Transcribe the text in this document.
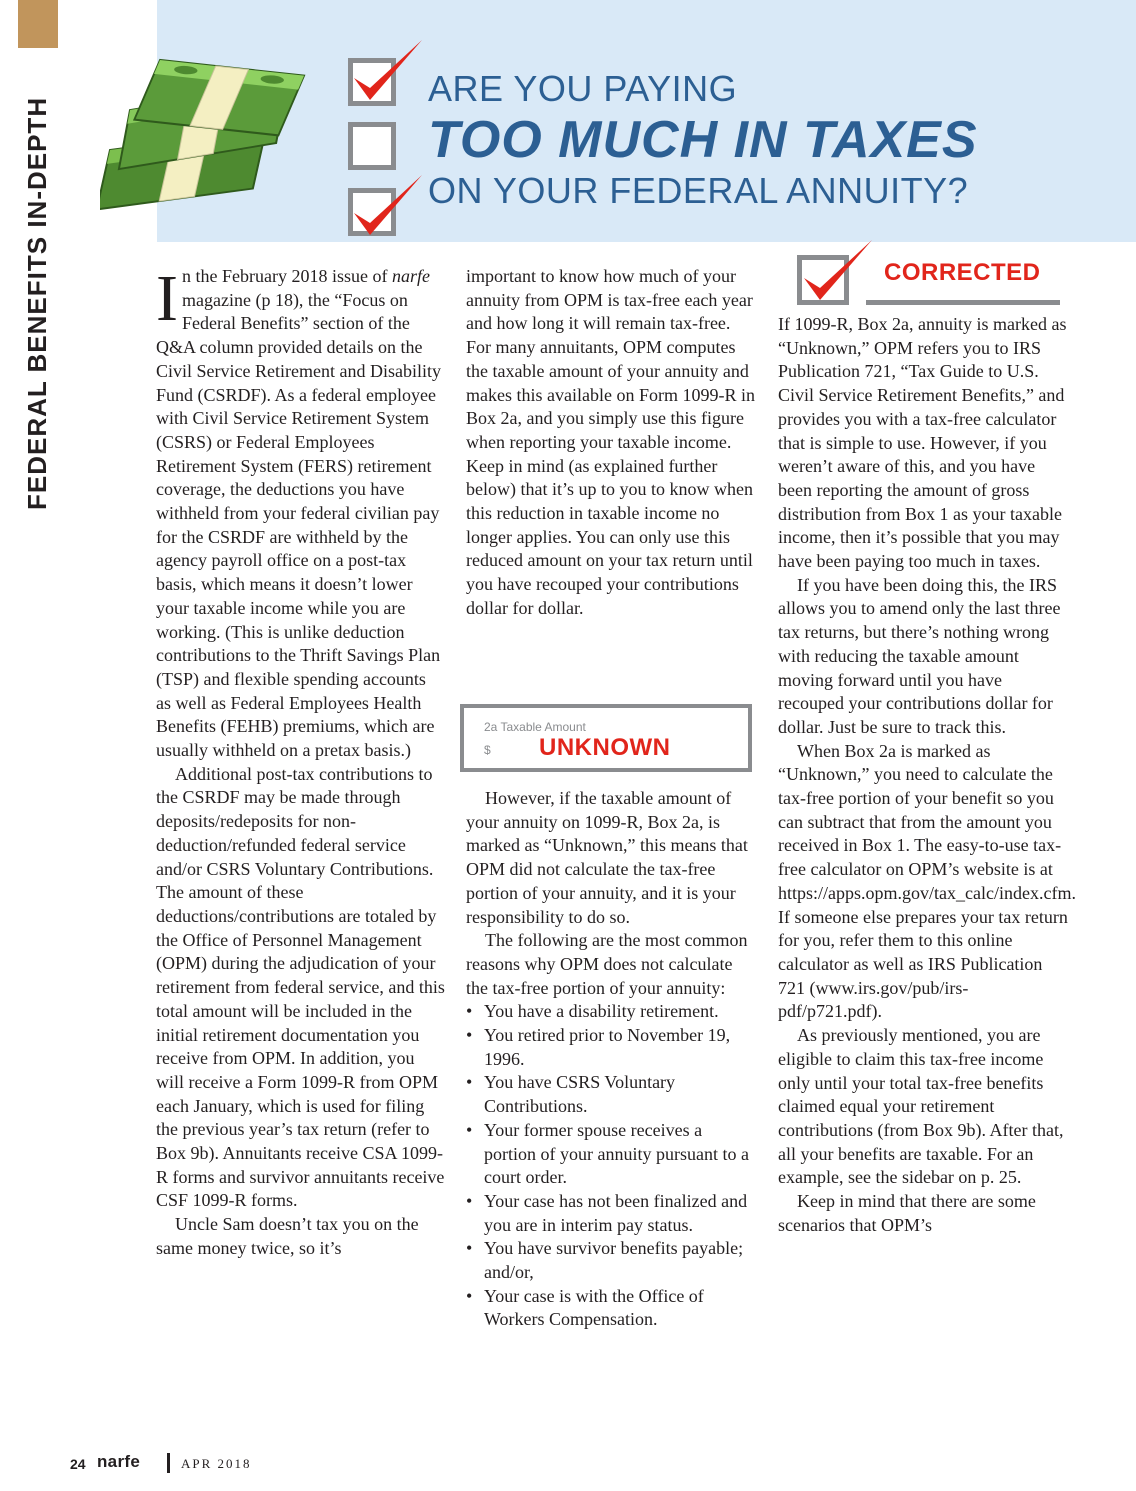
FEDERAL BENEFITS IN-DEPTH
ARE YOU PAYING
TOO MUCH IN TAXES
ON YOUR FEDERAL ANNUITY?

In the February 2018 issue of narfe magazine (p 18), the “Focus on Federal Benefits” section of the Q&A column provided details on the Civil Service Retirement and Disability Fund (CSRDF). As a federal employee with Civil Service Retirement System (CSRS) or Federal Employees Retirement System (FERS) retirement coverage, the deductions you have withheld from your federal civilian pay for the CSRDF are withheld by the agency payroll office on a post-tax basis, which means it doesn’t lower your taxable income while you are working. (This is unlike deduction contributions to the Thrift Savings Plan (TSP) and flexible spending accounts as well as Federal Employees Health Benefits (FEHB) premiums, which are usually withheld on a pretax basis.)

Additional post-tax contributions to the CSRDF may be made through deposits/redeposits for non-deduction/refunded federal service and/or CSRS Voluntary Contributions. The amount of these deductions/contributions are totaled by the Office of Personnel Management (OPM) during the adjudication of your retirement from federal service, and this total amount will be included in the initial retirement documentation you receive from OPM. In addition, you will receive a Form 1099-R from OPM each January, which is used for filing the previous year’s tax return (refer to Box 9b). Annuitants receive CSA 1099-R forms and survivor annuitants receive CSF 1099-R forms.

Uncle Sam doesn’t tax you on the same money twice, so it’s

important to know how much of your annuity from OPM is tax-free each year and how long it will remain tax-free. For many annuitants, OPM computes the taxable amount of your annuity and makes this available on Form 1099-R in Box 2a, and you simply use this figure when reporting your taxable income. Keep in mind (as explained further below) that it’s up to you to know when this reduction in taxable income no longer applies. You can only use this reduced amount on your tax return until you have recouped your contributions dollar for dollar.

2a Taxable Amount
$ UNKNOWN

However, if the taxable amount of your annuity on 1099-R, Box 2a, is marked as “Unknown,” this means that OPM did not calculate the tax-free portion of your annuity, and it is your responsibility to do so.

The following are the most common reasons why OPM does not calculate the tax-free portion of your annuity:

• You have a disability retirement.
• You retired prior to November 19, 1996.
• You have CSRS Voluntary Contributions.
• Your former spouse receives a portion of your annuity pursuant to a court order.
• Your case has not been finalized and you are in interim pay status.
• You have survivor benefits payable; and/or,
• Your case is with the Office of Workers Compensation.
CORRECTED

If 1099-R, Box 2a, annuity is marked as “Unknown,” OPM refers you to IRS Publication 721, “Tax Guide to U.S. Civil Service Retirement Benefits,” and provides you with a tax-free calculator that is simple to use. However, if you weren’t aware of this, and you have been reporting the amount of gross distribution from Box 1 as your taxable income, then it’s possible that you may have been paying too much in taxes.

If you have been doing this, the IRS allows you to amend only the last three tax returns, but there’s nothing wrong with reducing the taxable amount moving forward until you have recouped your contributions dollar for dollar. Just be sure to track this.

When Box 2a is marked as “Unknown,” you need to calculate the tax-free portion of your benefit so you can subtract that from the amount you received in Box 1. The easy-to-use tax-free calculator on OPM’s website is at https://apps.opm.gov/tax_calc/index.cfm. If someone else prepares your tax return for you, refer them to this online calculator as well as IRS Publication 721 (www.irs.gov/pub/irs-pdf/p721.pdf).

As previously mentioned, you are eligible to claim this tax-free income only until your total tax-free benefits claimed equal your retirement contributions (from Box 9b). After that, all your benefits are taxable. For an example, see the sidebar on p. 25.

Keep in mind that there are some scenarios that OPM’s

24 narfe	APR 2018
